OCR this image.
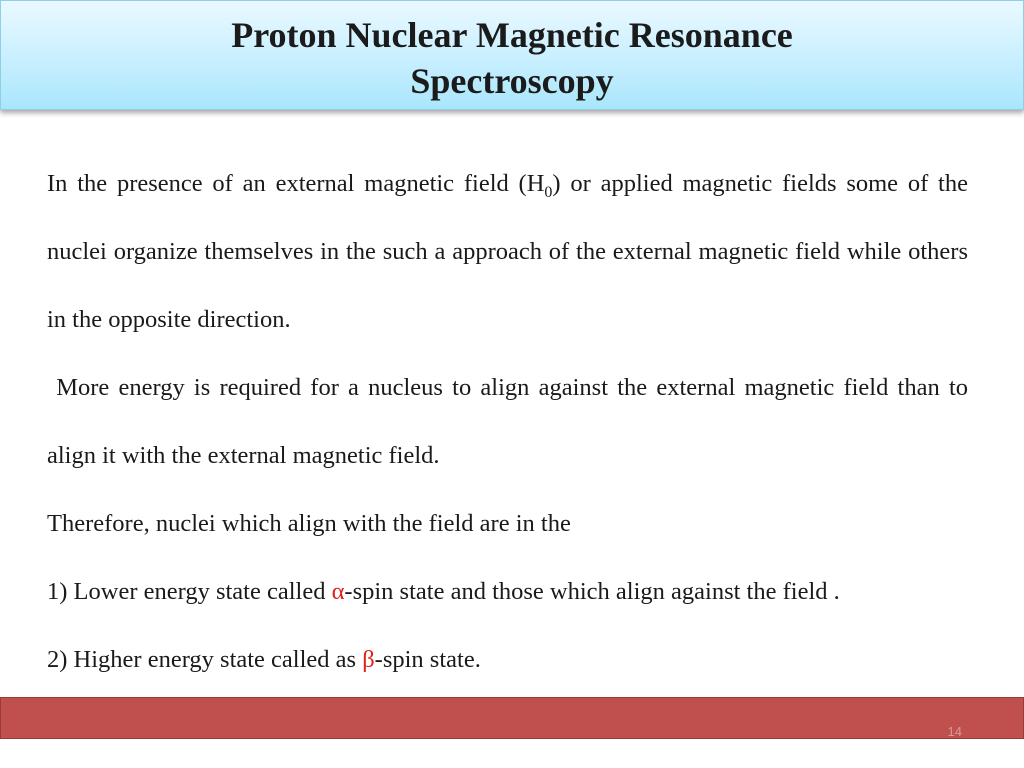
Proton Nuclear Magnetic Resonance
Spectroscopy

In the presence of an external magnetic field $(H_0)$ or applied magnetic fields some of the nuclei organize themselves in the such a approach of the external magnetic field while others in the opposite direction.

More energy is required for a nucleus to align against the external magnetic field than to align it with the external magnetic field.

Therefore, nuclei which align with the field are in the

1) Lower energy state called α-spin state and those which align against the field .

2) Higher energy state called as β-spin state.

14
